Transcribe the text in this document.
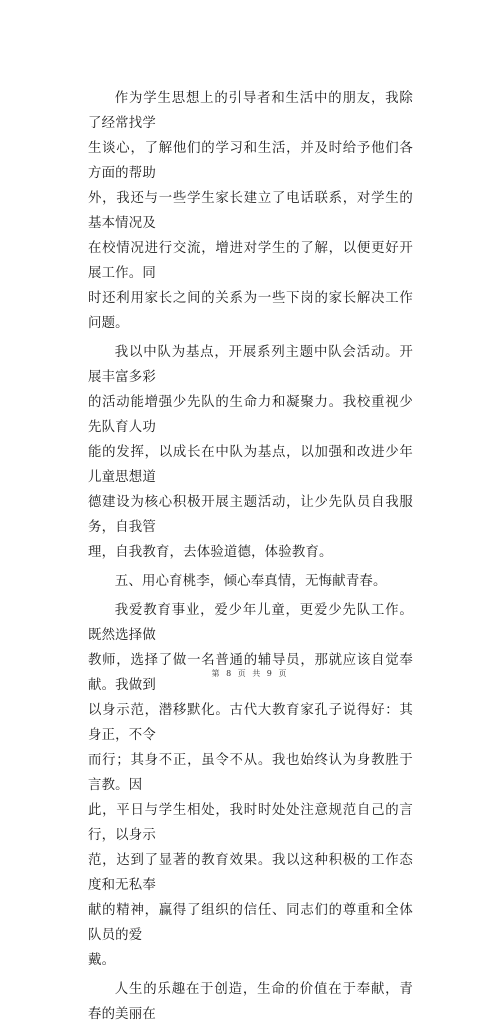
作为学生思想上的引导者和生活中的朋友，我除了经常找学
生谈心，了解他们的学习和生活，并及时给予他们各方面的帮助
外，我还与一些学生家长建立了电话联系，对学生的基本情况及
在校情况进行交流，增进对学生的了解，以便更好开展工作。同
时还利用家长之间的关系为一些下岗的家长解决工作问题。

我以中队为基点，开展系列主题中队会活动。开展丰富多彩
的活动能增强少先队的生命力和凝聚力。我校重视少先队育人功
能的发挥，以成长在中队为基点，以加强和改进少年儿童思想道
德建设为核心积极开展主题活动，让少先队员自我服务，自我管
理，自我教育，去体验道德，体验教育。

五、用心育桃李，倾心奉真情，无悔献青春。

我爱教育事业，爱少年儿童，更爱少先队工作。既然选择做
教师，选择了做一名普通的辅导员，那就应该自觉奉献。我做到
以身示范，潜移默化。古代大教育家孔子说得好：其身正，不令
而行；其身不正，虽令不从。我也始终认为身教胜于言教。因
此，平日与学生相处，我时时处处注意规范自己的言行，以身示
范，达到了显著的教育效果。我以这种积极的工作态度和无私奉
献的精神，赢得了组织的信任、同志们的尊重和全体队员的爱
戴。

人生的乐趣在于创造，生命的价值在于奉献，青春的美丽在

第 8 页 共 9 页
